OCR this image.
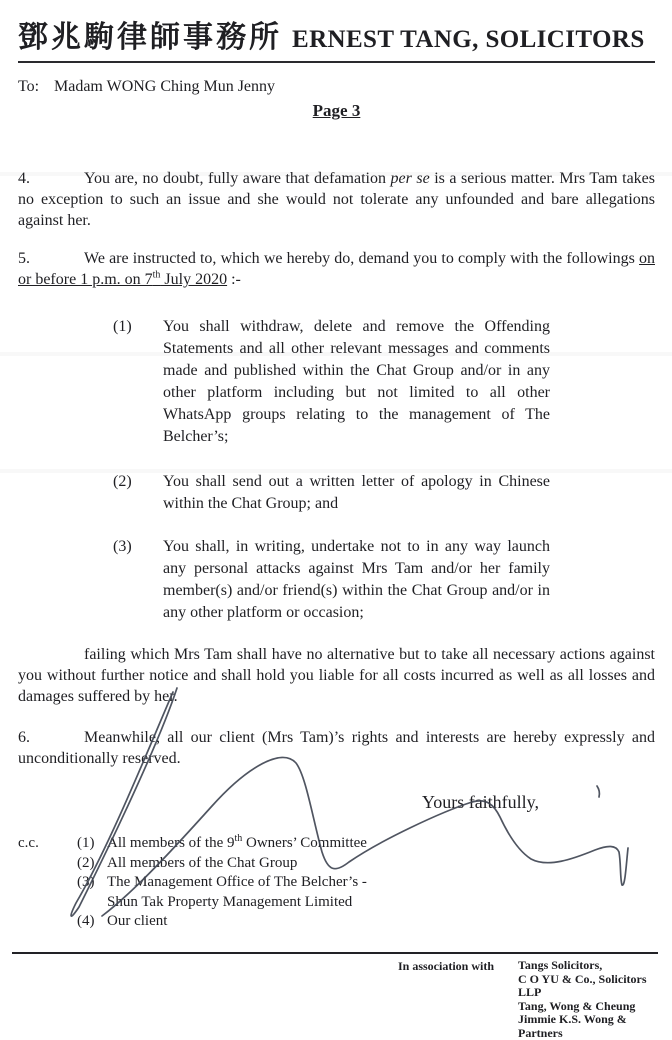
鄧兆駒律師事務所 ERNEST TANG, SOLICITORS
To: Madam WONG Ching Mun Jenny
Page 3
4.	You are, no doubt, fully aware that defamation per se is a serious matter. Mrs Tam takes no exception to such an issue and she would not tolerate any unfounded and bare allegations against her.
5.	We are instructed to, which we hereby do, demand you to comply with the followings on or before 1 p.m. on 7th July 2020 :-
(1)	You shall withdraw, delete and remove the Offending Statements and all other relevant messages and comments made and published within the Chat Group and/or in any other platform including but not limited to all other WhatsApp groups relating to the management of The Belcher’s;
(2)	You shall send out a written letter of apology in Chinese within the Chat Group; and
(3)	You shall, in writing, undertake not to in any way launch any personal attacks against Mrs Tam and/or her family member(s) and/or friend(s) within the Chat Group and/or in any other platform or occasion;
failing which Mrs Tam shall have no alternative but to take all necessary actions against you without further notice and shall hold you liable for all costs incurred as well as all losses and damages suffered by her.
6.	Meanwhile, all our client (Mrs Tam)’s rights and interests are hereby expressly and unconditionally reserved.
Yours faithfully,
c.c.	(1) All members of the 9th Owners’ Committee
(2) All members of the Chat Group
(3) The Management Office of The Belcher’s -
Shun Tak Property Management Limited
(4) Our client
In association with Tangs Solicitors,
C O YU & Co., Solicitors LLP
Tang, Wong & Cheung
Jimmie K.S. Wong & Partners
